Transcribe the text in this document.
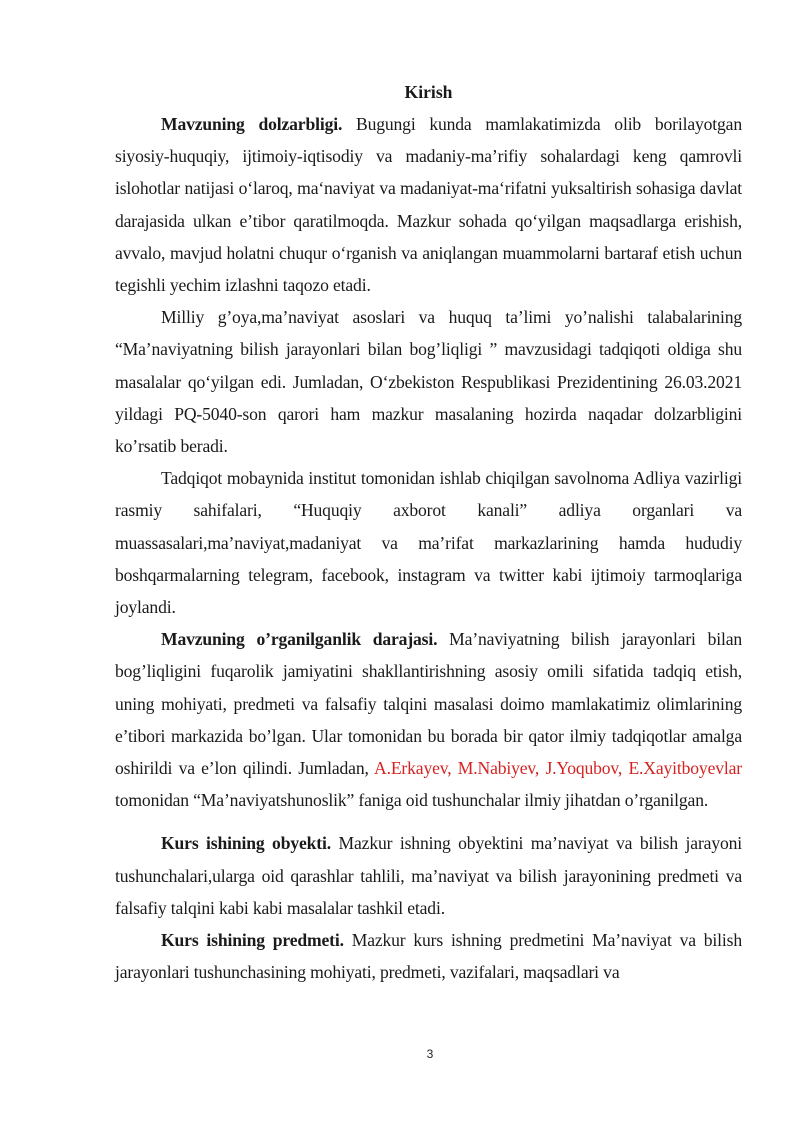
Kirish

Mavzuning dolzarbligi. Bugungi kunda mamlakatimizda olib borilayotgan siyosiy-huquqiy, ijtimoiy-iqtisodiy va madaniy-maʼrifiy sohalardagi keng qamrovli islohotlar natijasi oʻlaroq, maʻnaviyat va madaniyat-maʻrifatni yuksaltirish sohasiga davlat darajasida ulkan eʼtibor qaratilmoqda. Mazkur sohada qoʻyilgan maqsadlarga erishish, avvalo, mavjud holatni chuqur oʻrganish va aniqlangan muammolarni bartaraf etish uchun tegishli yechim izlashni taqozo etadi.

Milliy g’oya,ma’naviyat asoslari va huquq ta’limi yo’nalishi talabalarining “Ma’naviyatning bilish jarayonlari bilan bog’liqligi ” mavzusidagi tadqiqoti oldiga shu masalalar qoʻyilgan edi. Jumladan, Oʻzbekiston Respublikasi Prezidentining 26.03.2021 yildagi PQ-5040-son qarori ham mazkur masalaning hozirda naqadar dolzarbligini ko’rsatib beradi.

Tadqiqot mobaynida institut tomonidan ishlab chiqilgan savolnoma Adliya vazirligi rasmiy sahifalari, “Huquqiy axborot kanali” adliya organlari va muassasalari,ma’naviyat,madaniyat va ma’rifat markazlarining hamda hududiy boshqarmalarning telegram, facebook, instagram va twitter kabi ijtimoiy tarmoqlariga joylandi.

Mavzuning o’rganilganlik darajasi. Ma’naviyatning bilish jarayonlari bilan bog’liqligini fuqarolik jamiyatini shakllantirishning asosiy omili sifatida tadqiq etish, uning mohiyati, predmeti va falsafiy talqini masalasi doimo mamlakatimiz olimlarining e’tibori markazida bo’lgan. Ular tomonidan bu borada bir qator ilmiy tadqiqotlar amalga oshirildi va e’lon qilindi. Jumladan, A.Erkayev, M.Nabiyev, J.Yoqubov, E.Xayitboyevlar tomonidan “Ma’naviyatshunoslik” faniga oid tushunchalar ilmiy jihatdan o’rganilgan.

Kurs ishining obyekti. Mazkur ishning obyektini ma’naviyat va bilish jarayoni tushunchalari,ularga oid qarashlar tahlili, ma’naviyat va bilish jarayonining predmeti va falsafiy talqini kabi kabi masalalar tashkil etadi.

Kurs ishining predmeti. Mazkur kurs ishning predmetini Ma’naviyat va bilish jarayonlari tushunchasining mohiyati, predmeti, vazifalari, maqsadlari va

3
